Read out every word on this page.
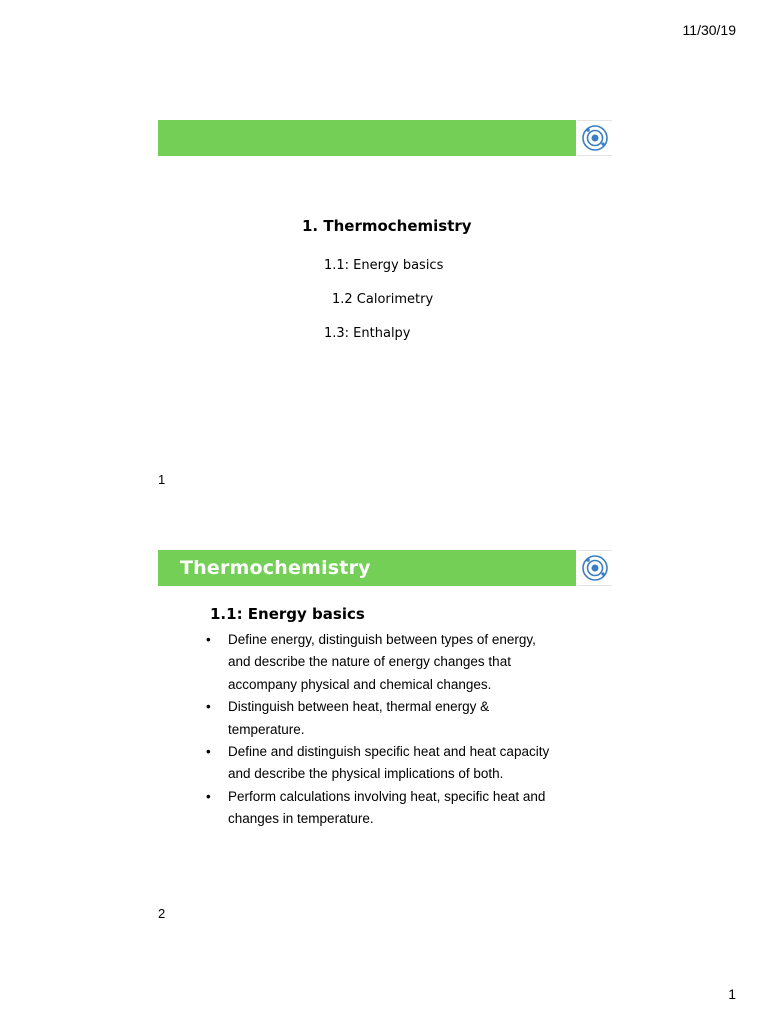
11/30/19
1. Thermochemistry
1.1: Energy basics
1.2 Calorimetry
1.3: Enthalpy
1
Thermochemistry
1.1: Energy basics
• Define energy, distinguish between types of energy,
and describe the nature of energy changes that
accompany physical and chemical changes.
• Distinguish between heat, thermal energy &
temperature.
• Define and distinguish specific heat and heat capacity
and describe the physical implications of both.
• Perform calculations involving heat, specific heat and
changes in temperature.
2
1
